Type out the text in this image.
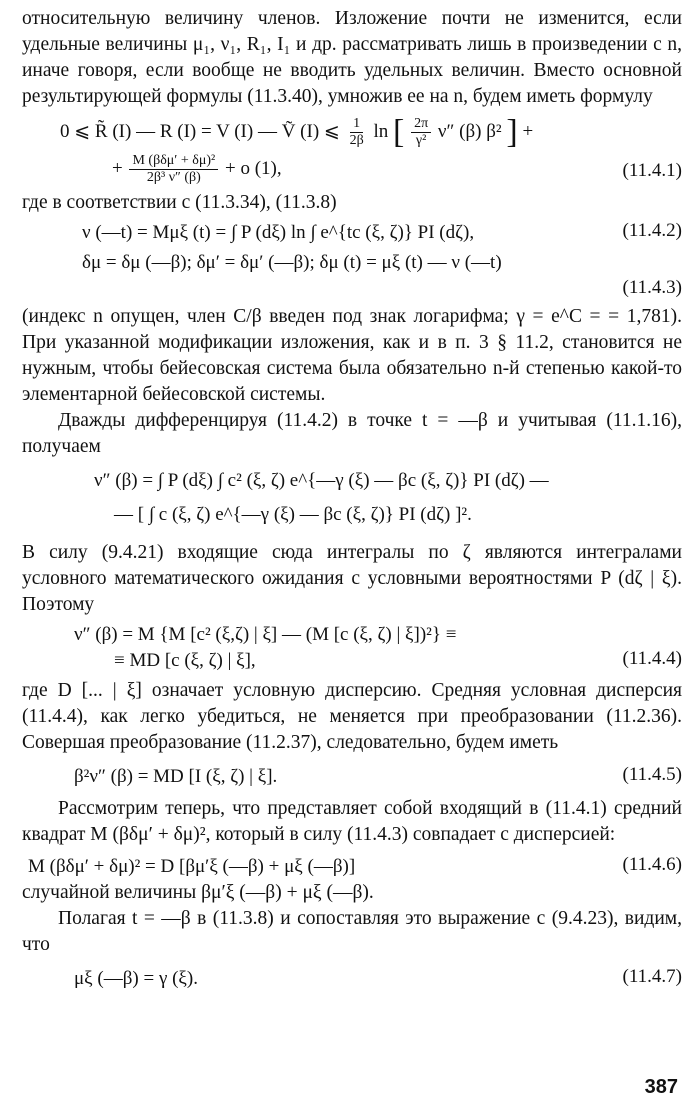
относительную величину членов. Изложение почти не изменится, если удельные величины μ₁, ν₁, R₁, I₁ и др. рассматривать лишь в произведении с n, иначе говоря, если вообще не вводить удельных величин. Вместо основной результирующей формулы (11.3.40), умножив ее на n, будем иметь формулу

0 ⩽ R̃ (I) — R (I) = V (I) — Ṽ (I) ⩽ $\frac{1}{2\beta}$ ln [ $\frac{2\pi}{\text{γ²}} \nu''$ (β) β² ] +
+ $\frac{\text{M (βδμ′ + δμ)²}}{\text{2β³ ν″ (β)}} + o$ (1),	(11.4.1)

где в соответствии с (11.3.34), (11.3.8)

ν (—t) = Mμξ (t) = ∫ P (dξ) ln ∫ e^{tc (ξ, ζ)} PI (dζ),	(11.4.2)
δμ = δμ (—β); δμ′ = δμ′ (—β); δμ (t) = μξ (t) — ν (—t)

(11.4.3)

(индекс n опущен, член C/β введен под знак логарифма; γ = e^C = = 1,781). При указанной модификации изложения, как и в п. 3 § 11.2, становится не нужным, чтобы бейесовская система была обязательно n-й степенью какой-то элементарной бейесовской системы.

Дважды дифференцируя (11.4.2) в точке t = —β и учитывая (11.1.16), получаем

ν″ (β) = ∫ P (dξ) ∫ c² (ξ, ζ) e^{—γ (ξ) — βc (ξ, ζ)} PI (dζ) —
— [ ∫ c (ξ, ζ) e^{—γ (ξ) — βc (ξ, ζ)} PI (dζ) ]².

В силу (9.4.21) входящие сюда интегралы по ζ являются интегралами условного математического ожидания с условными вероятностями P (dζ | ξ). Поэтому

ν″ (β) = M {M [c² (ξ,ζ) | ξ] — (M [c (ξ, ζ) | ξ])²} ≡
≡ MD [c (ξ, ζ) | ξ],	(11.4.4)

где D [... | ξ] означает условную дисперсию. Средняя условная дисперсия (11.4.4), как легко убедиться, не меняется при преобразовании (11.2.36). Совершая преобразование (11.2.37), следовательно, будем иметь

β²ν″ (β) = MD [I (ξ, ζ) | ξ].	(11.4.5)

Рассмотрим теперь, что представляет собой входящий в (11.4.1) средний квадрат M (βδμ′ + δμ)², который в силу (11.4.3) совпадает с дисперсией:

M (βδμ′ + δμ)² = D [βμ′ξ (—β) + μξ (—β)]	(11.4.6)

случайной величины βμ′ξ (—β) + μξ (—β).

Полагая t = —β в (11.3.8) и сопоставляя это выражение с (9.4.23), видим, что

μξ (—β) = γ (ξ).	(11.4.7)
387
